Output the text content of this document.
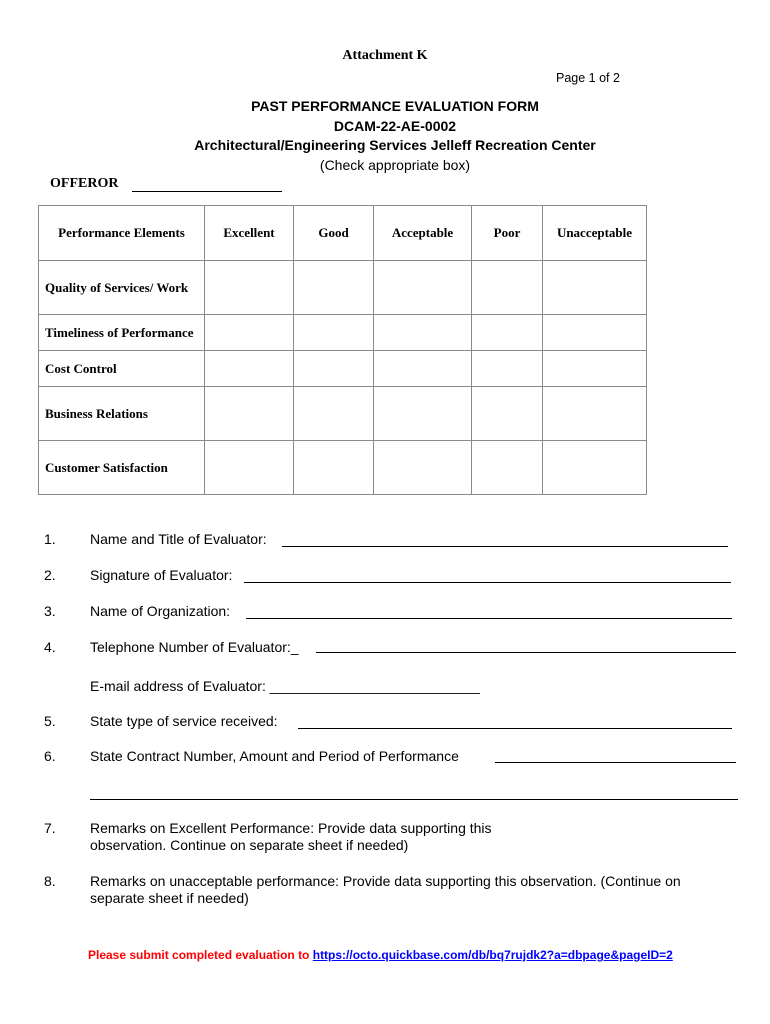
Attachment K
Page 1 of 2
PAST PERFORMANCE EVALUATION FORM
DCAM-22-AE-0002
Architectural/Engineering Services Jelleff Recreation Center
(Check appropriate box)
OFFEROR
Performance Elements	Excellent	Good	Acceptable	Poor	Unacceptable
Quality of Services/ Work					
Timeliness of Performance					
Cost Control					
Business Relations					
Customer Satisfaction					
1. Name and Title of Evaluator:
2. Signature of Evaluator:
3. Name of Organization:
4. Telephone Number of Evaluator:_
E-mail address of Evaluator: ___________________________
5. State type of service received:
6. State Contract Number, Amount and Period of Performance
7. Remarks on Excellent Performance: Provide data supporting this
observation. Continue on separate sheet if needed)
8. Remarks on unacceptable performance: Provide data supporting this observation. (Continue on
separate sheet if needed)
Please submit completed evaluation to https://octo.quickbase.com/db/bq7rujdk2?a=dbpage&pageID=2
